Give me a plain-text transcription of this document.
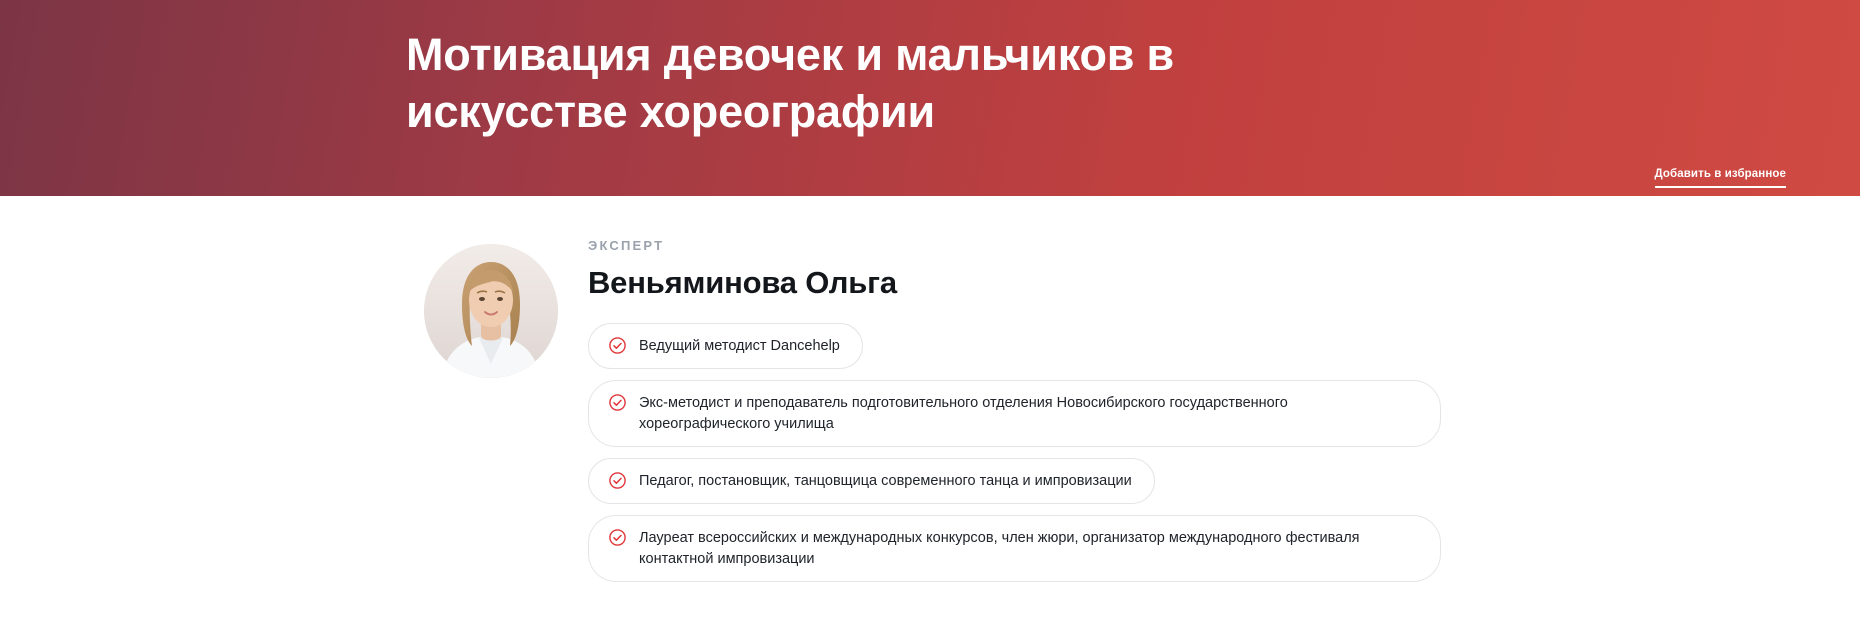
Мотивация девочек и мальчиков в искусстве хореографии
Добавить в избранное
ЭКСПЕРТ
Веньяминова Ольга
Ведущий методист Dancehelp
Экс-методист и преподаватель подготовительного отделения Новосибирского государственного хореографического училища
Педагог, постановщик, танцовщица современного танца и импровизации
Лауреат всероссийских и международных конкурсов, член жюри, организатор международного фестиваля контактной импровизации
